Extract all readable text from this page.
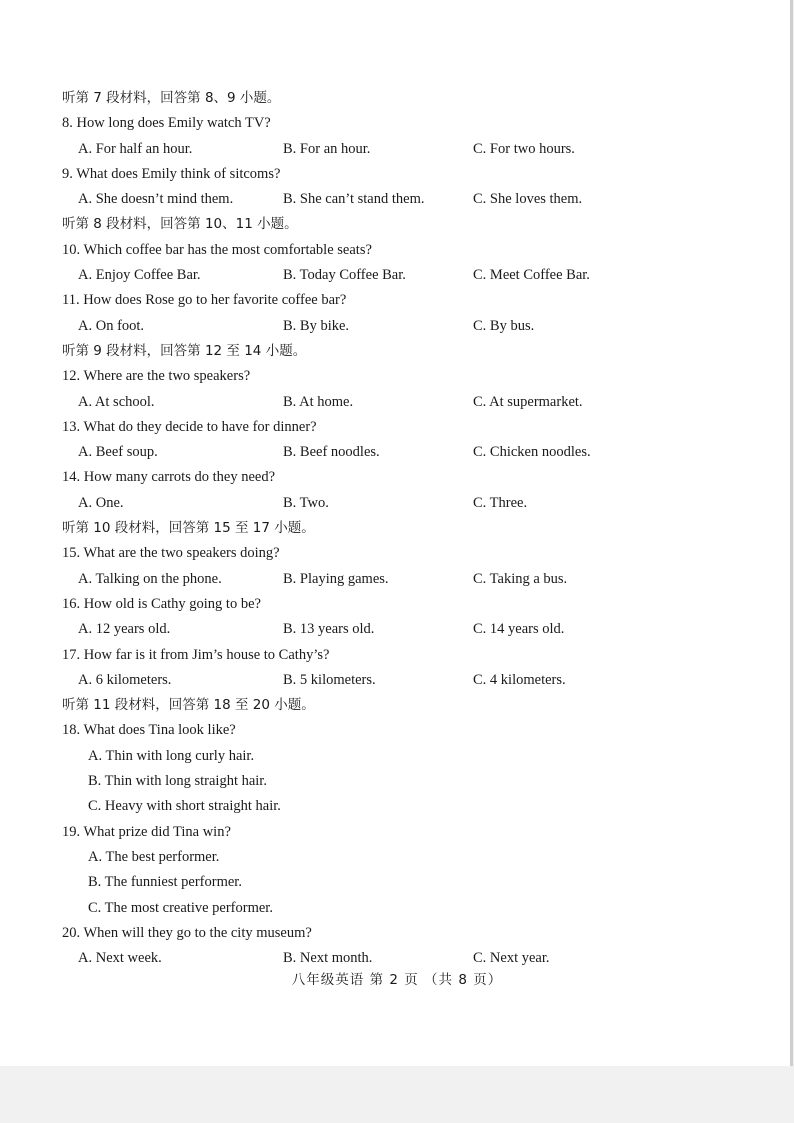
听第 7 段材料，回答第 8、9 小题。
8. How long does Emily watch TV?
A. For half an hour.	B. For an hour.	C. For two hours.
9. What does Emily think of sitcoms?
A. She doesn’t mind them.	B. She can’t stand them.	C. She loves them.
听第 8 段材料，回答第 10、11 小题。
10. Which coffee bar has the most comfortable seats?
A. Enjoy Coffee Bar.	B. Today Coffee Bar.	C. Meet Coffee Bar.
11. How does Rose go to her favorite coffee bar?
A. On foot.	B. By bike.	C. By bus.
听第 9 段材料，回答第 12 至 14 小题。
12. Where are the two speakers?
A. At school.	B. At home.	C. At supermarket.
13. What do they decide to have for dinner?
A. Beef soup.	B. Beef noodles.	C. Chicken noodles.
14. How many carrots do they need?
A. One.	B. Two.	C. Three.
听第 10 段材料，回答第 15 至 17 小题。
15. What are the two speakers doing?
A. Talking on the phone.	B. Playing games.	C. Taking a bus.
16. How old is Cathy going to be?
A. 12 years old.	B. 13 years old.	C. 14 years old.
17. How far is it from Jim’s house to Cathy’s?
A. 6 kilometers.	B. 5 kilometers.	C. 4 kilometers.
听第 11 段材料，回答第 18 至 20 小题。
18. What does Tina look like?
A. Thin with long curly hair.
B. Thin with long straight hair.
C. Heavy with short straight hair.
19. What prize did Tina win?
A. The best performer.
B. The funniest performer.
C. The most creative performer.
20. When will they go to the city museum?
A. Next week.	B. Next month.	C. Next year.
八年级英语 第 2 页 （共 8 页）
